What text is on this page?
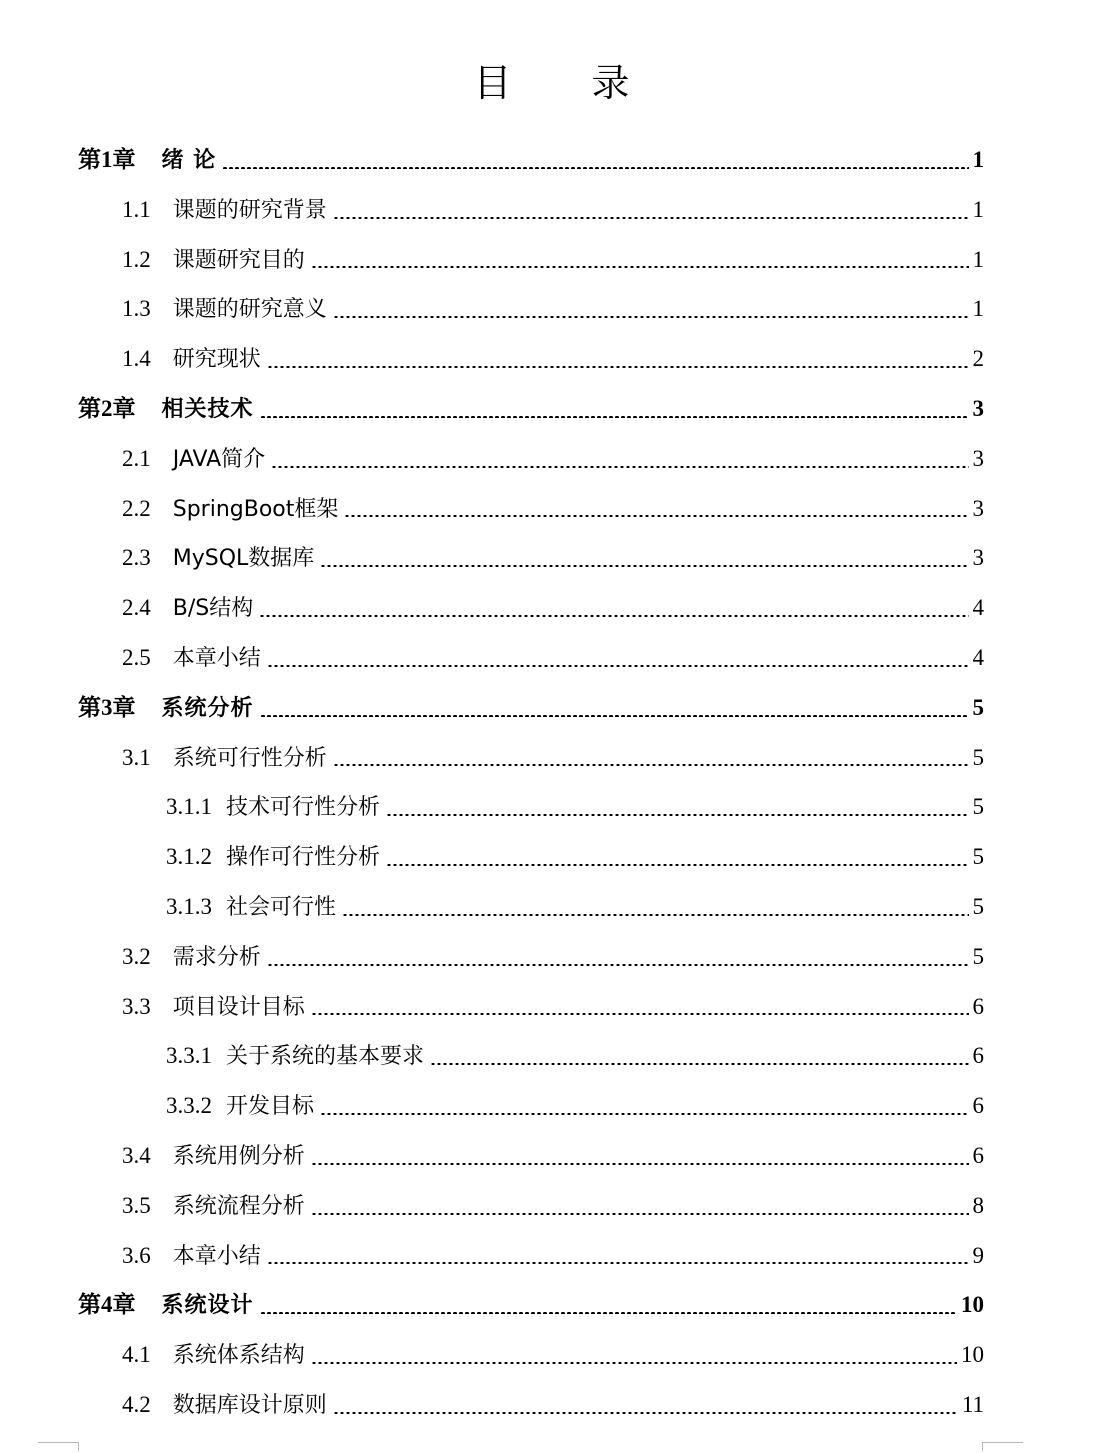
目 录
第1章 绪 论	1
1.1 课题的研究背景	1
1.2 课题研究目的	1
1.3 课题的研究意义	1
1.4 研究现状	2
第2章 相关技术	3
2.1 JAVA简介	3
2.2 SpringBoot框架	3
2.3 MySQL数据库	3
2.4 B/S结构	4
2.5 本章小结	4
第3章 系统分析	5
3.1 系统可行性分析	5
3.1.1 技术可行性分析	5
3.1.2 操作可行性分析	5
3.1.3 社会可行性	5
3.2 需求分析	5
3.3 项目设计目标	6
3.3.1 关于系统的基本要求	6
3.3.2 开发目标	6
3.4 系统用例分析	6
3.5 系统流程分析	8
3.6 本章小结	9
第4章 系统设计	10
4.1 系统体系结构	10
4.2 数据库设计原则	11
